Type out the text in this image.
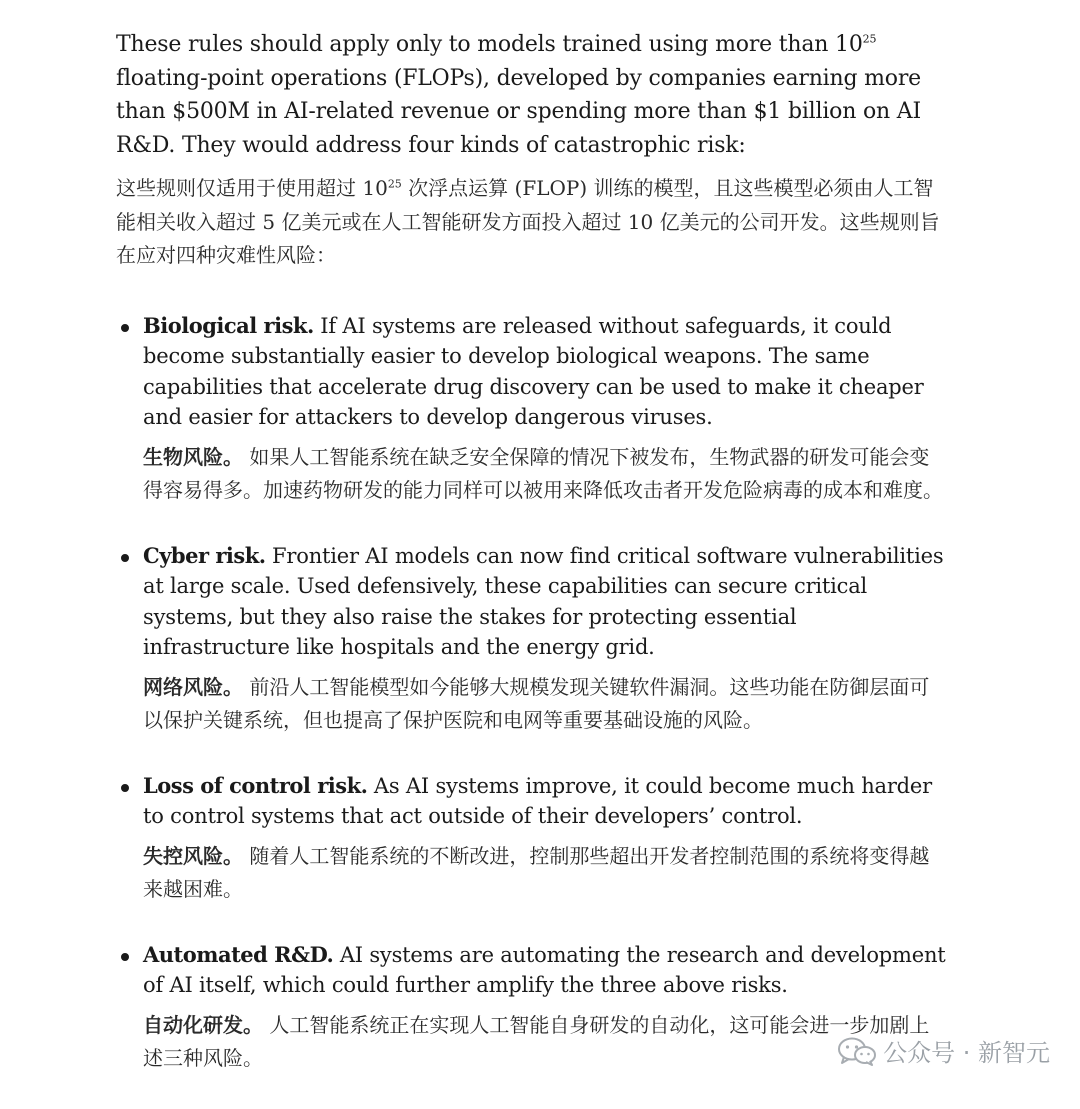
These rules should apply only to models trained using more than $10^{25}$ floating-point operations (FLOPs), developed by companies earning more than $500M in AI-related revenue or spending more than $1 billion on AI R&D. They would address four kinds of catastrophic risk:

这些规则仅适用于使用超过 $10^{25}$ 次浮点运算 (FLOP) 训练的模型，且这些模型必须由人工智能相关收入超过 5 亿美元或在人工智能研发方面投入超过 10 亿美元的公司开发。这些规则旨在应对四种灾难性风险：

Biological risk. If AI systems are released without safeguards, it could become substantially easier to develop biological weapons. The same capabilities that accelerate drug discovery can be used to make it cheaper and easier for attackers to develop dangerous viruses.

生物风险。 如果人工智能系统在缺乏安全保障的情况下被发布，生物武器的研发可能会变得容易得多。加速药物研发的能力同样可以被用来降低攻击者开发危险病毒的成本和难度。

Cyber risk. Frontier AI models can now find critical software vulnerabilities at large scale. Used defensively, these capabilities can secure critical systems, but they also raise the stakes for protecting essential infrastructure like hospitals and the energy grid.

网络风险。 前沿人工智能模型如今能够大规模发现关键软件漏洞。这些功能在防御层面可以保护关键系统，但也提高了保护医院和电网等重要基础设施的风险。

Loss of control risk. As AI systems improve, it could become much harder to control systems that act outside of their developers’ control.

失控风险。 随着人工智能系统的不断改进，控制那些超出开发者控制范围的系统将变得越来越困难。

Automated R&D. AI systems are automating the research and development of AI itself, which could further amplify the three above risks.

自动化研发。 人工智能系统正在实现人工智能自身研发的自动化，这可能会进一步加剧上述三种风险。	公众号 · 新智元
